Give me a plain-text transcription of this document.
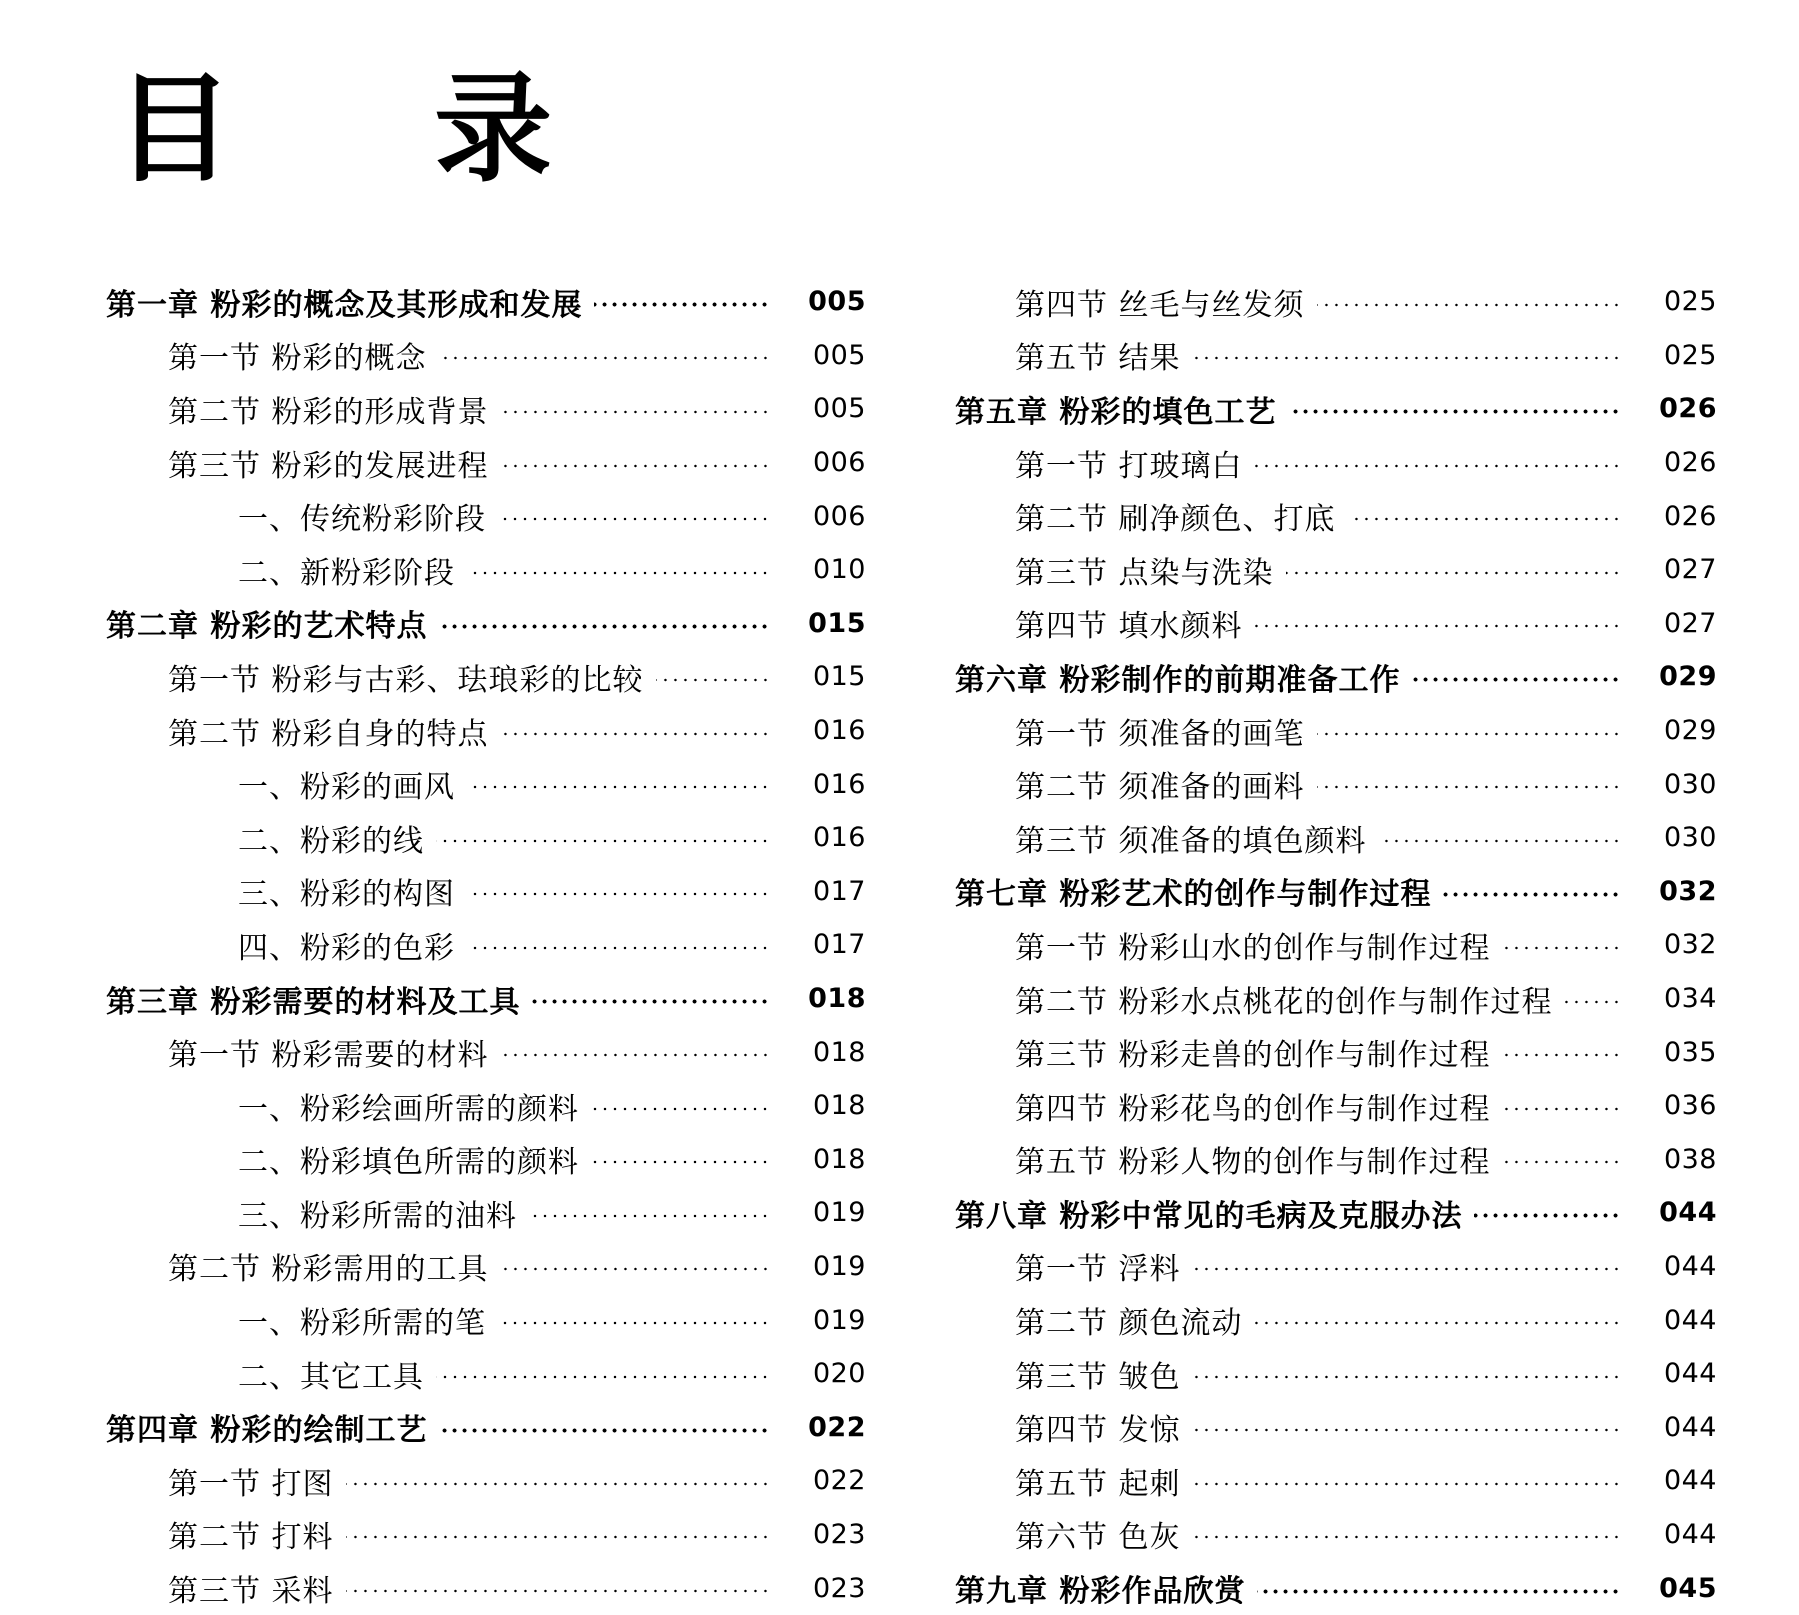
目 录
第一章 粉彩的概念及其形成和发展	005
第一节 粉彩的概念	005
第二节 粉彩的形成背景	005
第三节 粉彩的发展进程	006
一、传统粉彩阶段	006
二、新粉彩阶段	010
第二章 粉彩的艺术特点	015
第一节 粉彩与古彩、珐琅彩的比较	015
第二节 粉彩自身的特点	016
一、粉彩的画风	016
二、粉彩的线	016
三、粉彩的构图	017
四、粉彩的色彩	017
第三章 粉彩需要的材料及工具	018
第一节 粉彩需要的材料	018
一、粉彩绘画所需的颜料	018
二、粉彩填色所需的颜料	018
三、粉彩所需的油料	019
第二节 粉彩需用的工具	019
一、粉彩所需的笔	019
二、其它工具	020
第四章 粉彩的绘制工艺	022
第一节 打图	022
第二节 打料	023
第三节 采料	023
第四节 丝毛与丝发须	025
第五节 结果	025
第五章 粉彩的填色工艺	026
第一节 打玻璃白	026
第二节 刷净颜色、打底	026
第三节 点染与洗染	027
第四节 填水颜料	027
第六章 粉彩制作的前期准备工作	029
第一节 须准备的画笔	029
第二节 须准备的画料	030
第三节 须准备的填色颜料	030
第七章 粉彩艺术的创作与制作过程	032
第一节 粉彩山水的创作与制作过程	032
第二节 粉彩水点桃花的创作与制作过程	034
第三节 粉彩走兽的创作与制作过程	035
第四节 粉彩花鸟的创作与制作过程	036
第五节 粉彩人物的创作与制作过程	038
第八章 粉彩中常见的毛病及克服办法	044
第一节 浮料	044
第二节 颜色流动	044
第三节 皱色	044
第四节 发惊	044
第五节 起刺	044
第六节 色灰	044
第九章 粉彩作品欣赏	045
